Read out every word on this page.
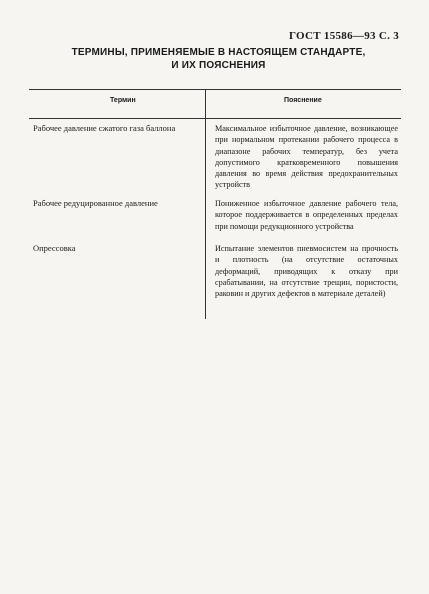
ГОСТ 15586—93 С. 3
ТЕРМИНЫ, ПРИМЕНЯЕМЫЕ В НАСТОЯЩЕМ СТАНДАРТЕ,
И ИХ ПОЯСНЕНИЯ
Термин	Пояснение
Рабочее давление сжатого газа баллона	Максимальное избыточное давление, возникающее при нормальном протекании рабочего процесса в диапазоне рабочих температур, без учета допустимого кратковременного повышения давления во время действия предохранительных устройств
Рабочее редуцированное давление	Пониженное избыточное давление рабочего тела, которое поддерживается в определенных пределах при помощи редукционного устройства
Опрессовка	Испытание элементов пневмосистем на прочность и плотность (на отсутствие остаточных деформаций, приводящих к отказу при срабатывании, на отсутствие трещин, пористости, раковин и других дефектов в материале деталей)
